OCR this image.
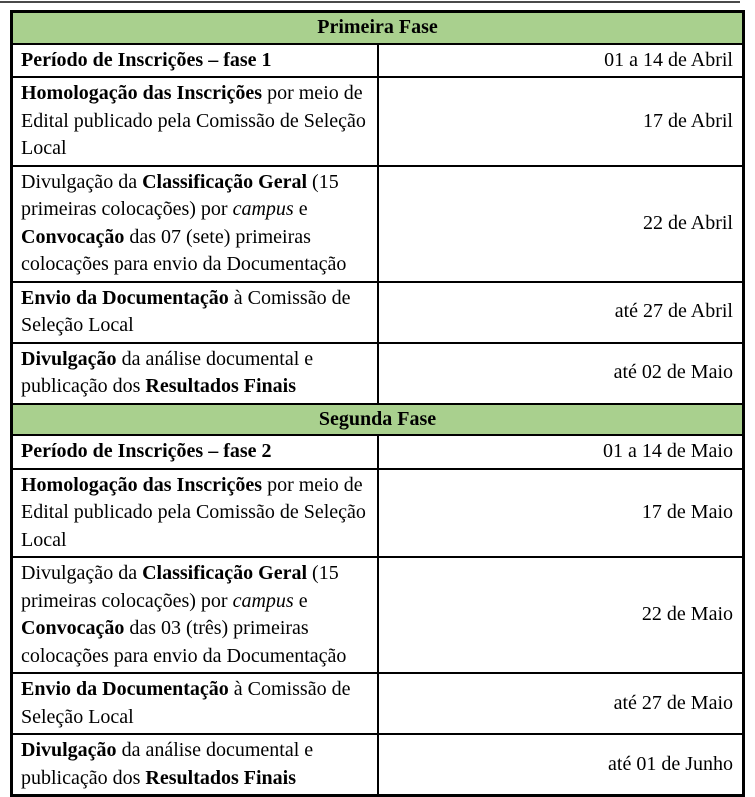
Primeira Fase	
Período de Inscrições – fase 1	01 a 14 de Abril
Homologação das Inscrições por meio de Edital publicado pela Comissão de Seleção Local	17 de Abril
Divulgação da Classificação Geral (15 primeiras colocações) por campus e Convocação das 07 (sete) primeiras colocações para envio da Documentação	22 de Abril
Envio da Documentação à Comissão de Seleção Local	até 27 de Abril
Divulgação da análise documental e publicação dos Resultados Finais	até 02 de Maio
Segunda Fase	
Período de Inscrições – fase 2	01 a 14 de Maio
Homologação das Inscrições por meio de Edital publicado pela Comissão de Seleção Local	17 de Maio
Divulgação da Classificação Geral (15 primeiras colocações) por campus e Convocação das 03 (três) primeiras colocações para envio da Documentação	22 de Maio
Envio da Documentação à Comissão de Seleção Local	até 27 de Maio
Divulgação da análise documental e publicação dos Resultados Finais	até 01 de Junho
